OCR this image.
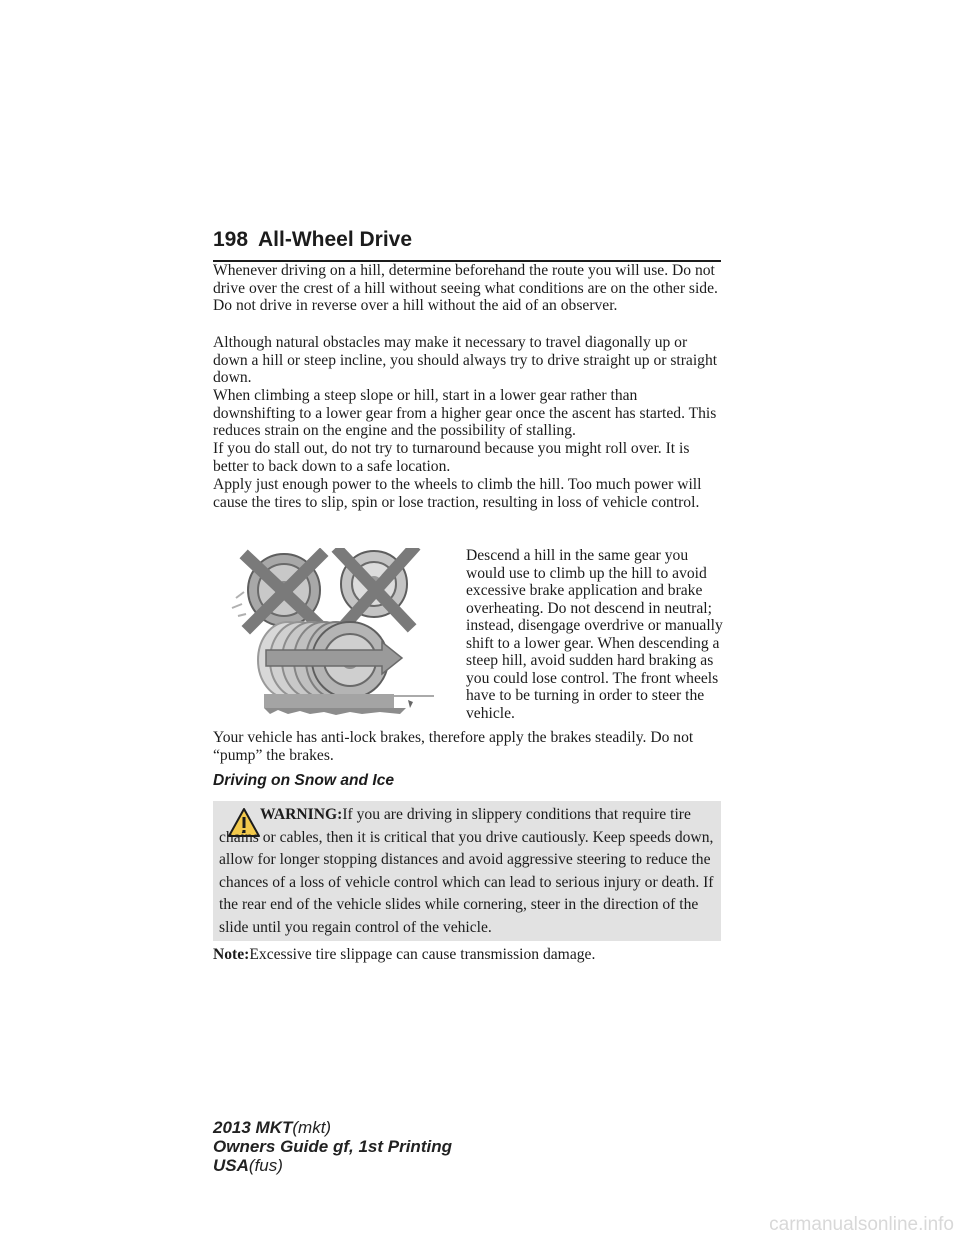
198 All-Wheel Drive

Whenever driving on a hill, determine beforehand the route you will use. Do not drive over the crest of a hill without seeing what conditions are on the other side. Do not drive in reverse over a hill without the aid of an observer.

Although natural obstacles may make it necessary to travel diagonally up or down a hill or steep incline, you should always try to drive straight up or straight down.

When climbing a steep slope or hill, start in a lower gear rather than downshifting to a lower gear from a higher gear once the ascent has started. This reduces strain on the engine and the possibility of stalling.

If you do stall out, do not try to turnaround because you might roll over. It is better to back down to a safe location.

Apply just enough power to the wheels to climb the hill. Too much power will cause the tires to slip, spin or lose traction, resulting in loss of vehicle control.

Descend a hill in the same gear you would use to climb up the hill to avoid excessive brake application and brake overheating. Do not descend in neutral; instead, disengage overdrive or manually shift to a lower gear. When descending a steep hill, avoid sudden hard braking as you could lose control. The front wheels have to be turning in order to steer the vehicle.

Your vehicle has anti-lock brakes, therefore apply the brakes steadily. Do not “pump” the brakes.

Driving on Snow and Ice

WARNING:If you are driving in slippery conditions that require tire chains or cables, then it is critical that you drive cautiously. Keep speeds down, allow for longer stopping distances and avoid aggressive steering to reduce the chances of a loss of vehicle control which can lead to serious injury or death. If the rear end of the vehicle slides while cornering, steer in the direction of the slide until you regain control of the vehicle.

Note:Excessive tire slippage can cause transmission damage.

2013 MKT(mkt)
Owners Guide gf, 1st Printing
USA(fus)
carmanualsonline.info
